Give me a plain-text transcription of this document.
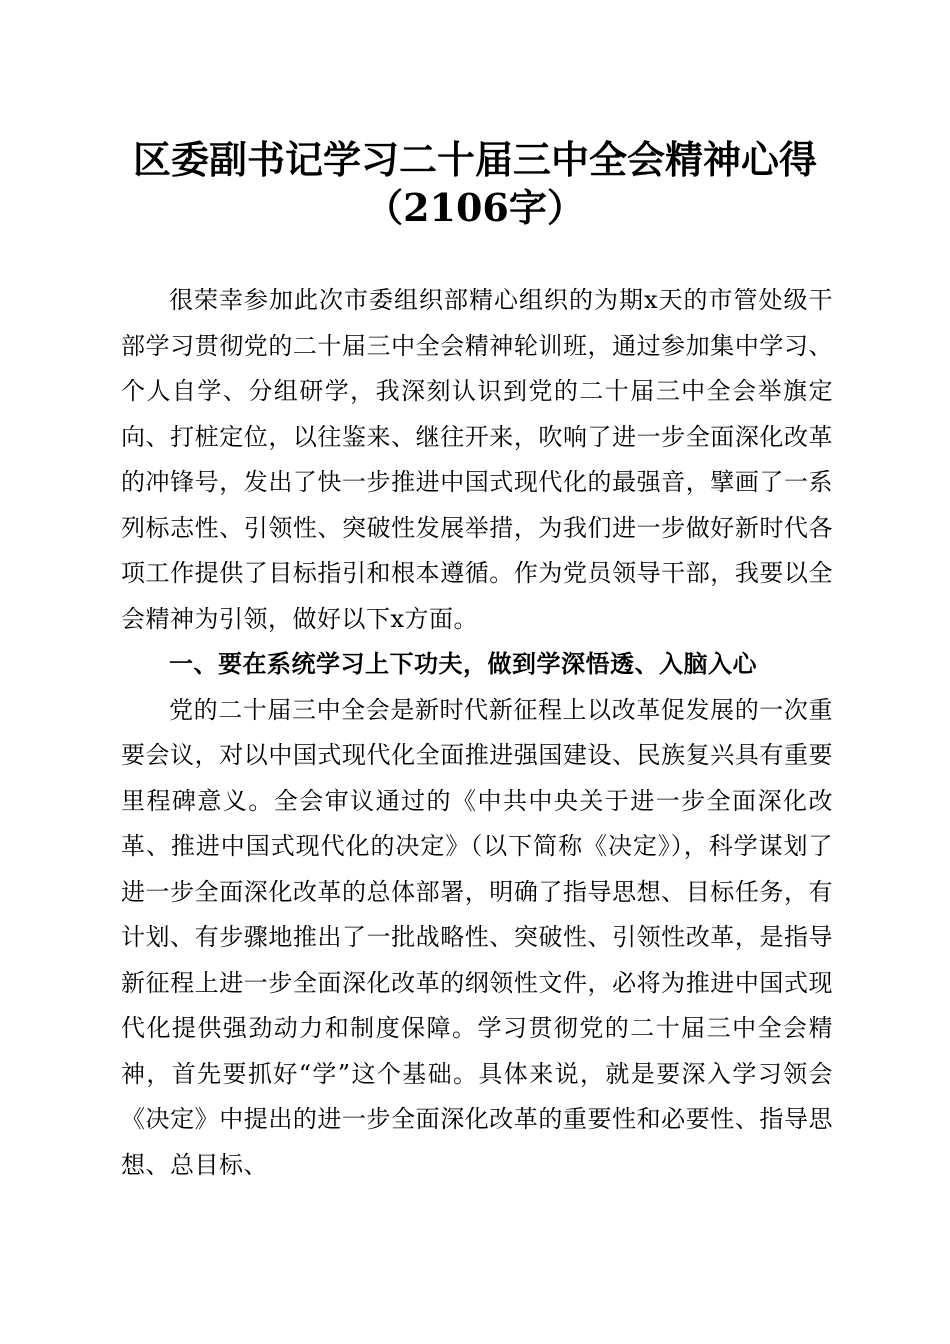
区委副书记学习二十届三中全会精神心得
（2106字）

很荣幸参加此次市委组织部精心组织的为期x天的市管处级干部学习贯彻党的二十届三中全会精神轮训班，通过参加集中学习、个人自学、分组研学，我深刻认识到党的二十届三中全会举旗定向、打桩定位，以往鉴来、继往开来，吹响了进一步全面深化改革的冲锋号，发出了快一步推进中国式现代化的最强音，擘画了一系列标志性、引领性、突破性发展举措，为我们进一步做好新时代各项工作提供了目标指引和根本遵循。作为党员领导干部，我要以全会精神为引领，做好以下x方面。

一、要在系统学习上下功夫，做到学深悟透、入脑入心

党的二十届三中全会是新时代新征程上以改革促发展的一次重要会议，对以中国式现代化全面推进强国建设、民族复兴具有重要里程碑意义。全会审议通过的《中共中央关于进一步全面深化改革、推进中国式现代化的决定》（以下简称《决定》），科学谋划了进一步全面深化改革的总体部署，明确了指导思想、目标任务，有计划、有步骤地推出了一批战略性、突破性、引领性改革，是指导新征程上进一步全面深化改革的纲领性文件，必将为推进中国式现代化提供强劲动力和制度保障。学习贯彻党的二十届三中全会精神，首先要抓好“学”这个基础。具体来说，就是要深入学习领会《决定》中提出的进一步全面深化改革的重要性和必要性、指导思想、总目标、
